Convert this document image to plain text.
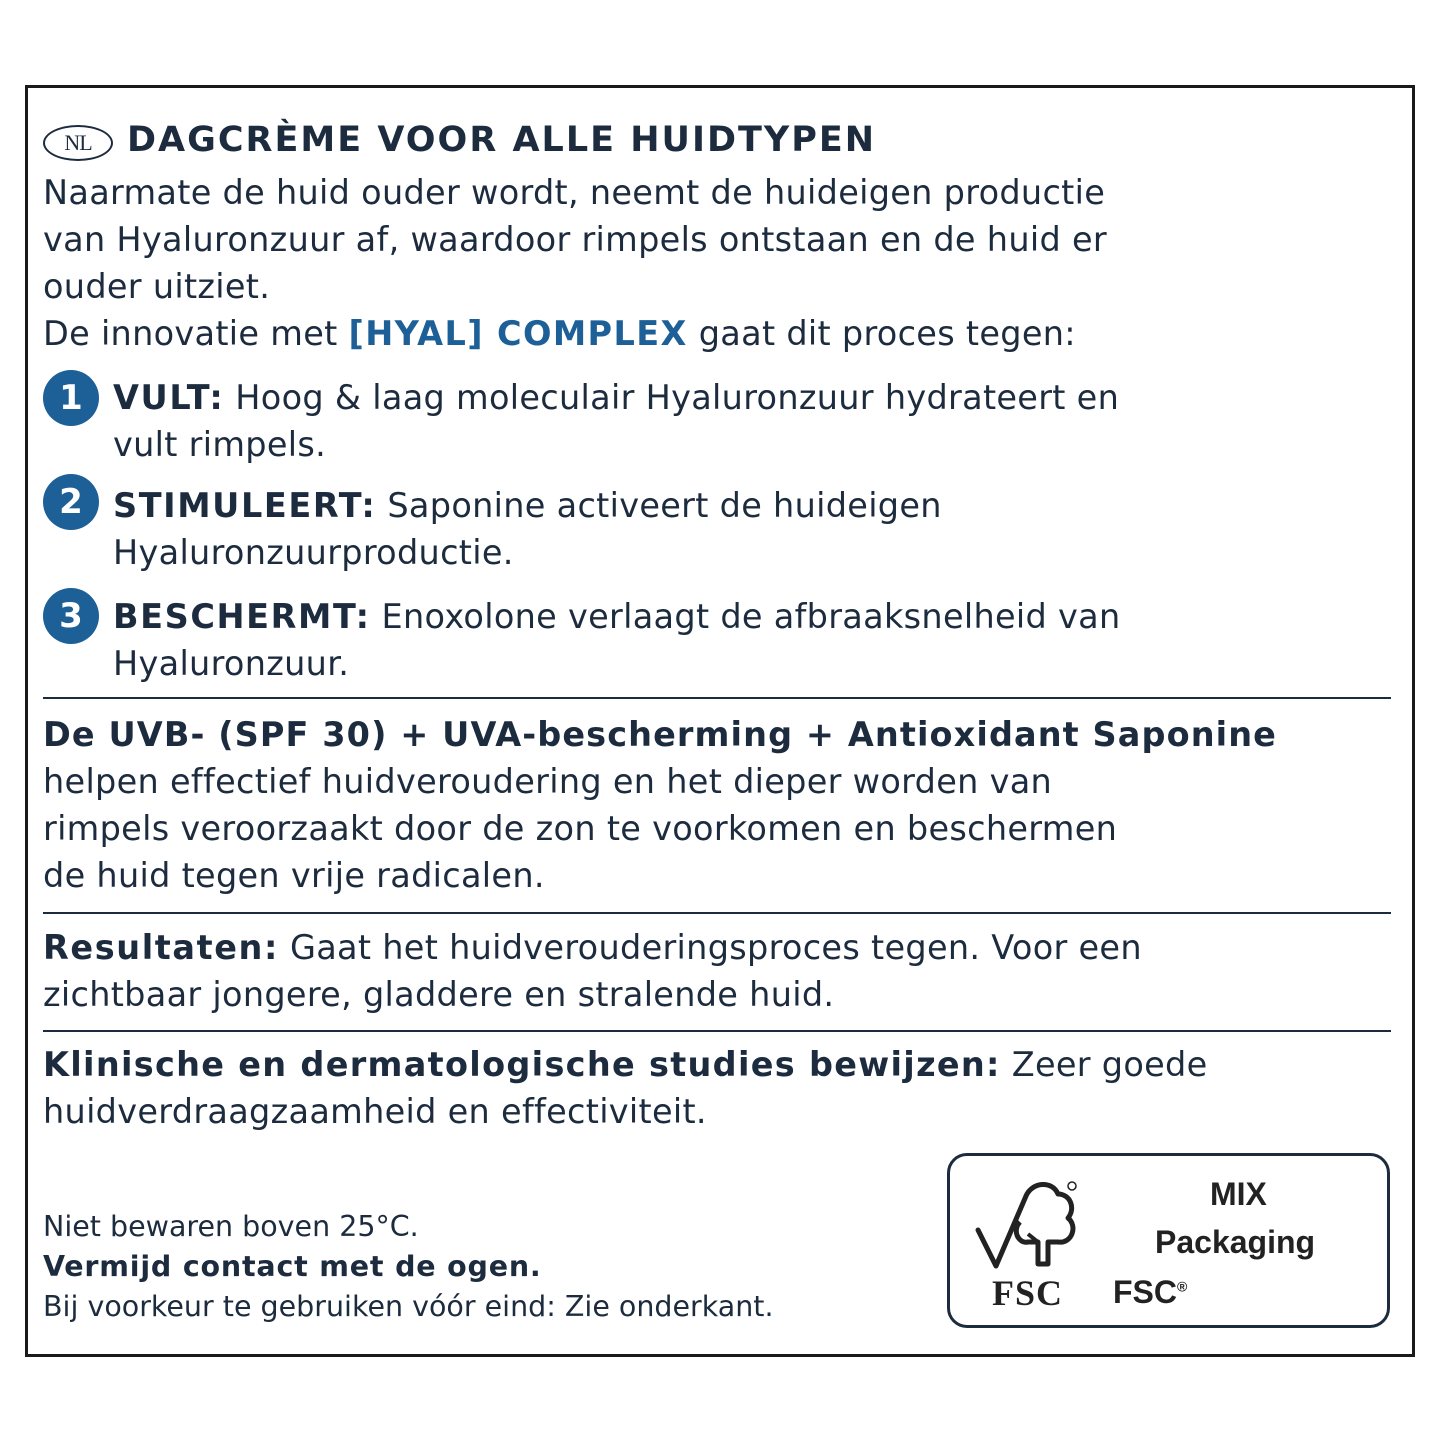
NL	DAGCRÈME VOOR ALLE HUIDTYPEN
Naarmate de huid ouder wordt, neemt de huideigen productie
van Hyaluronzuur af, waardoor rimpels ontstaan en de huid er
ouder uitziet.
De innovatie met [HYAL] COMPLEX gaat dit proces tegen:
1 VULT: Hoog & laag moleculair Hyaluronzuur hydrateert en
vult rimpels.
2 STIMULEERT: Saponine activeert de huideigen
Hyaluronzuurproductie.
3 BESCHERMT: Enoxolone verlaagt de afbraaksnelheid van
Hyaluronzuur.
De UVB- (SPF 30) + UVA-bescherming + Antioxidant Saponine
helpen effectief huidveroudering en het dieper worden van
rimpels veroorzaakt door de zon te voorkomen en beschermen
de huid tegen vrije radicalen.
Resultaten: Gaat het huidverouderingsproces tegen. Voor een
zichtbaar jongere, gladdere en stralende huid.
Klinische en dermatologische studies bewijzen: Zeer goede
huidverdraagzaamheid en effectiviteit.
Niet bewaren boven 25°C.
Vermijd contact met de ogen.
Bij voorkeur te gebruiken vóór eind: Zie onderkant.	FSC
MIX
Packaging
FSC®
